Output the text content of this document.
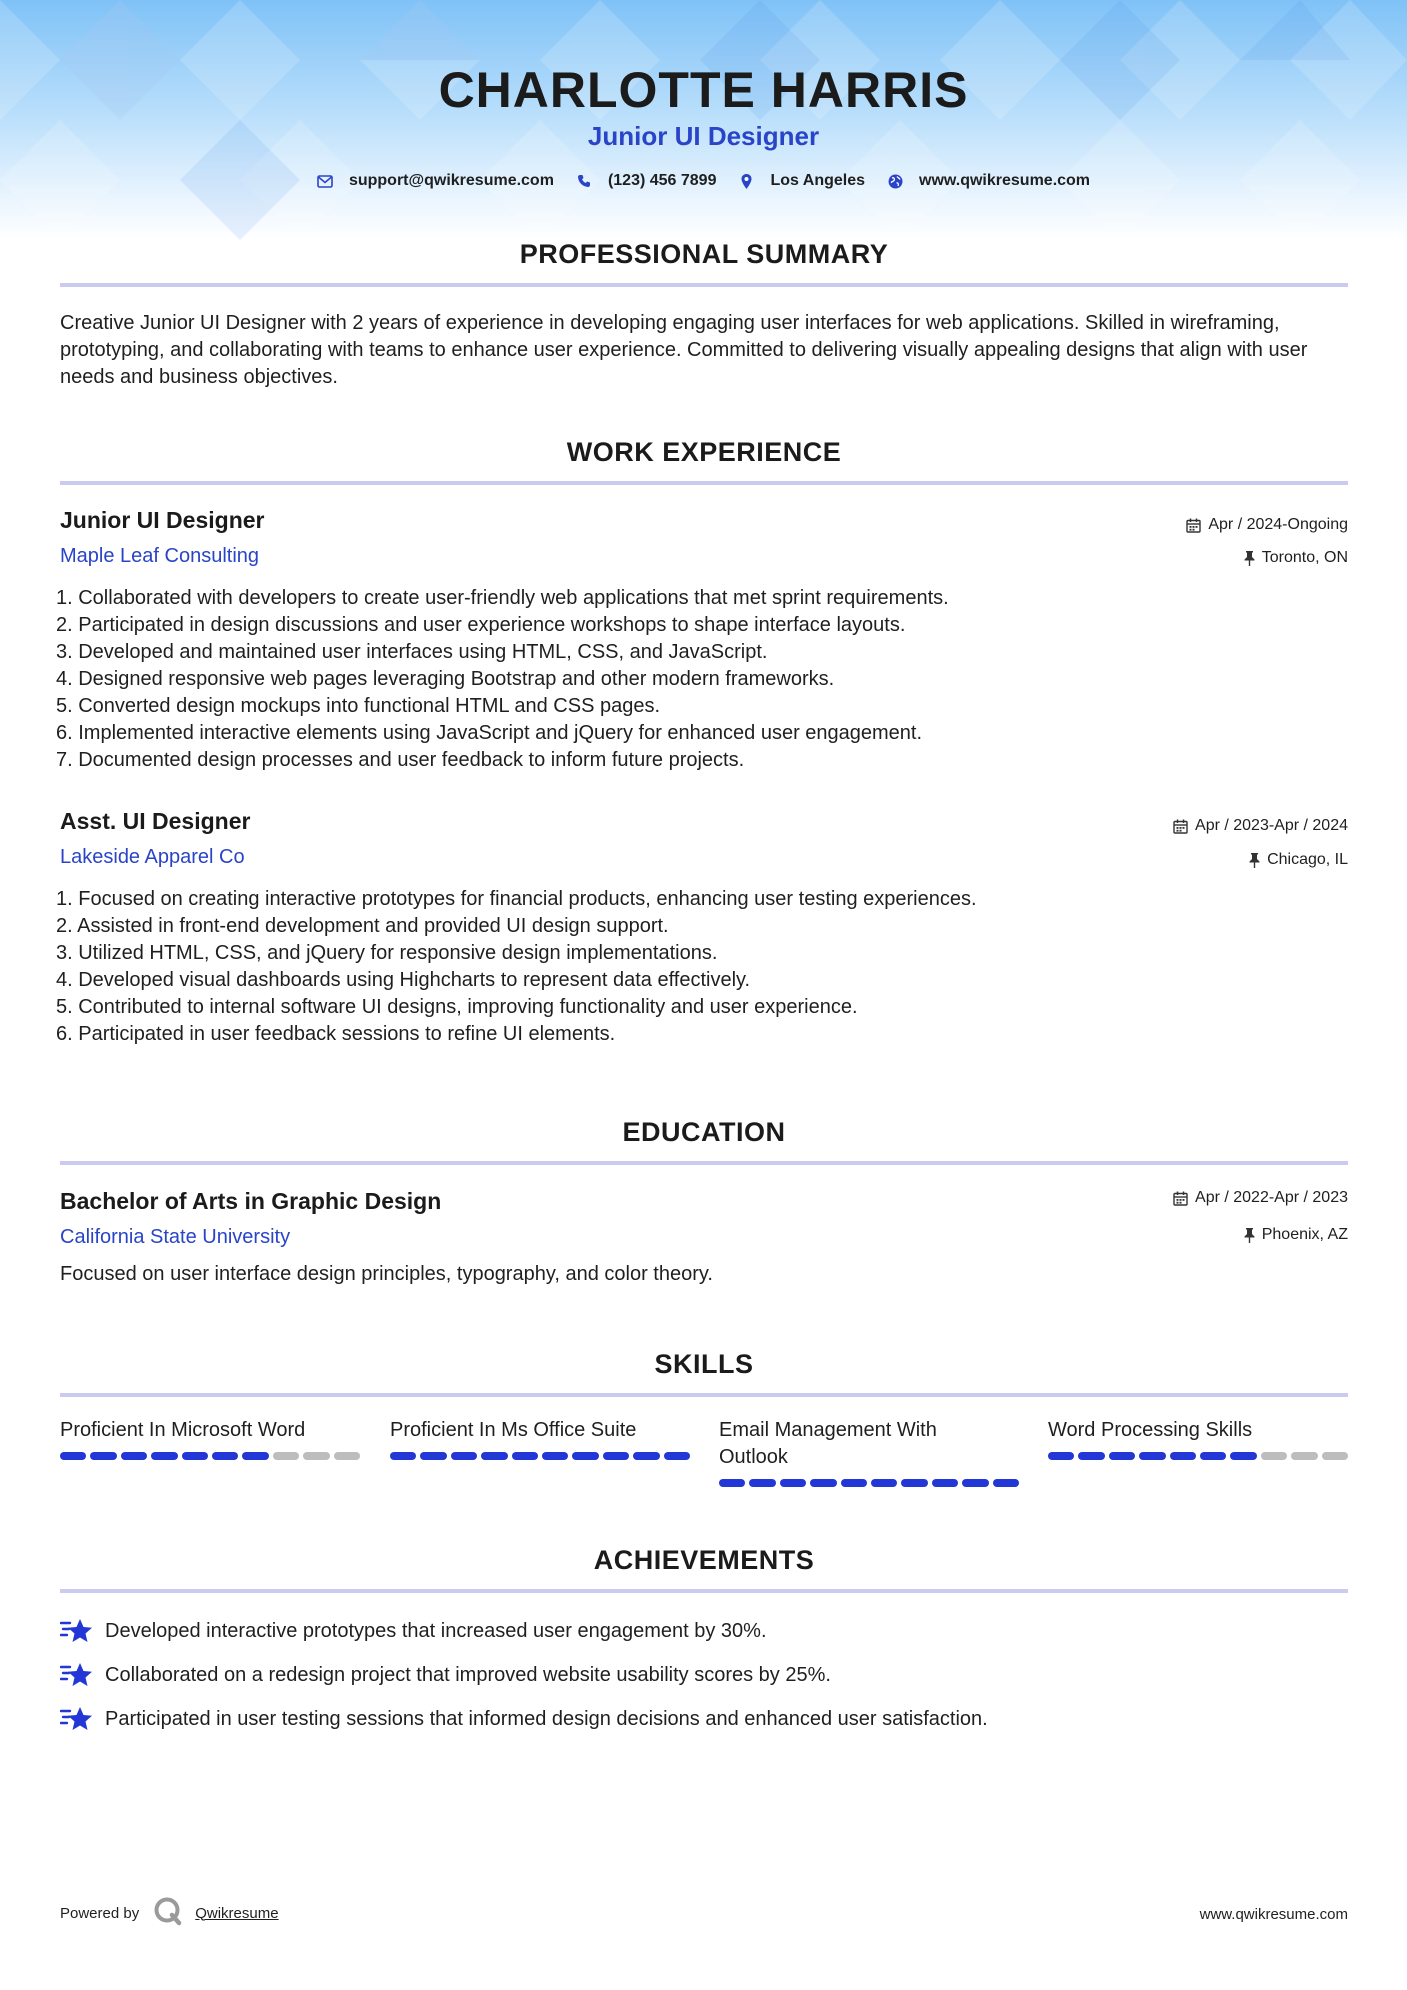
CHARLOTTE HARRIS
Junior UI Designer
support@qwikresume.com	(123) 456 7899	Los Angeles	www.qwikresume.com
PROFESSIONAL SUMMARY
Creative Junior UI Designer with 2 years of experience in developing engaging user interfaces for web applications. Skilled in wireframing, prototyping, and collaborating with teams to enhance user experience. Committed to delivering visually appealing designs that align with user needs and business objectives.
WORK EXPERIENCE
Junior UI Designer
Maple Leaf Consulting
Apr / 2024-Ongoing
Toronto, ON
1. Collaborated with developers to create user-friendly web applications that met sprint requirements.
2. Participated in design discussions and user experience workshops to shape interface layouts.
3. Developed and maintained user interfaces using HTML, CSS, and JavaScript.
4. Designed responsive web pages leveraging Bootstrap and other modern frameworks.
5. Converted design mockups into functional HTML and CSS pages.
6. Implemented interactive elements using JavaScript and jQuery for enhanced user engagement.
7. Documented design processes and user feedback to inform future projects.
Asst. UI Designer
Lakeside Apparel Co
Apr / 2023-Apr / 2024
Chicago, IL
1. Focused on creating interactive prototypes for financial products, enhancing user testing experiences.
2. Assisted in front-end development and provided UI design support.
3. Utilized HTML, CSS, and jQuery for responsive design implementations.
4. Developed visual dashboards using Highcharts to represent data effectively.
5. Contributed to internal software UI designs, improving functionality and user experience.
6. Participated in user feedback sessions to refine UI elements.
EDUCATION
Bachelor of Arts in Graphic Design
California State University
Apr / 2022-Apr / 2023
Phoenix, AZ
Focused on user interface design principles, typography, and color theory.
SKILLS
Proficient In Microsoft Word	Proficient In Ms Office Suite	Email Management With Outlook
Word Processing Skills
ACHIEVEMENTS
Developed interactive prototypes that increased user engagement by 30%.
Collaborated on a redesign project that improved website usability scores by 25%.
Participated in user testing sessions that informed design decisions and enhanced user satisfaction.
Powered by	Qwikresume	www.qwikresume.com
